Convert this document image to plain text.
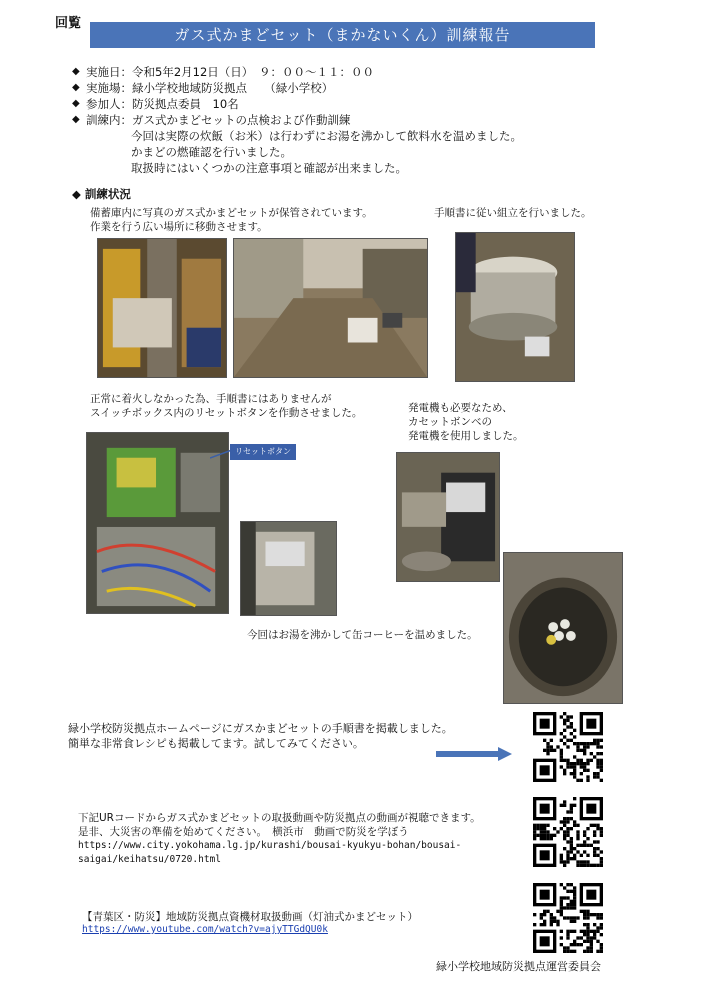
回覧
ガス式かまどセット（まかないくん）訓練報告
◆ 実施日：令和5年2月12日（日）　９：００～１１：００
◆ 実施場：緑小学校地域防災拠点　　（緑小学校）
◆ 参加人：防災拠点委員　10名
◆ 訓練内：ガス式かまどセットの点検および作動訓練
今回は実際の炊飯（お米）は行わずにお湯を沸かして飲料水を温めました。
かまどの燃確認を行いました。
取扱時にはいくつかの注意事項と確認が出来ました。
◆ 訓練状況
備蓄庫内に写真のガス式かまどセットが保管されています。
作業を行う広い場所に移動させます。
手順書に従い組立を行いました。
正常に着火しなかった為、手順書にはありませんが
スイッチボックス内のリセットボタンを作動させました。	発電機も必要なため、
カセットボンベの
発電機を使用しました。
リセットボタン
今回はお湯を沸かして缶コーヒーを温めました。
緑小学校防災拠点ホームページにガスかまどセットの手順書を掲載しました。
簡単な非常食レシピも掲載してます。試してみてください。
下記URコードからガス式かまどセットの取扱動画や防災拠点の動画が視聴できます。
是非、大災害の準備を始めてください。　横浜市　動画で防災を学ぼう
https://www.city.yokohama.lg.jp/kurashi/bousai-kyukyu-bohan/bousai-
saigai/keihatsu/0720.html
【青葉区・防災】地域防災拠点資機材取扱動画（灯油式かまどセット）
https://www.youtube.com/watch?v=ajyTTGdQU0k
緑小学校地域防災拠点運営委員会
